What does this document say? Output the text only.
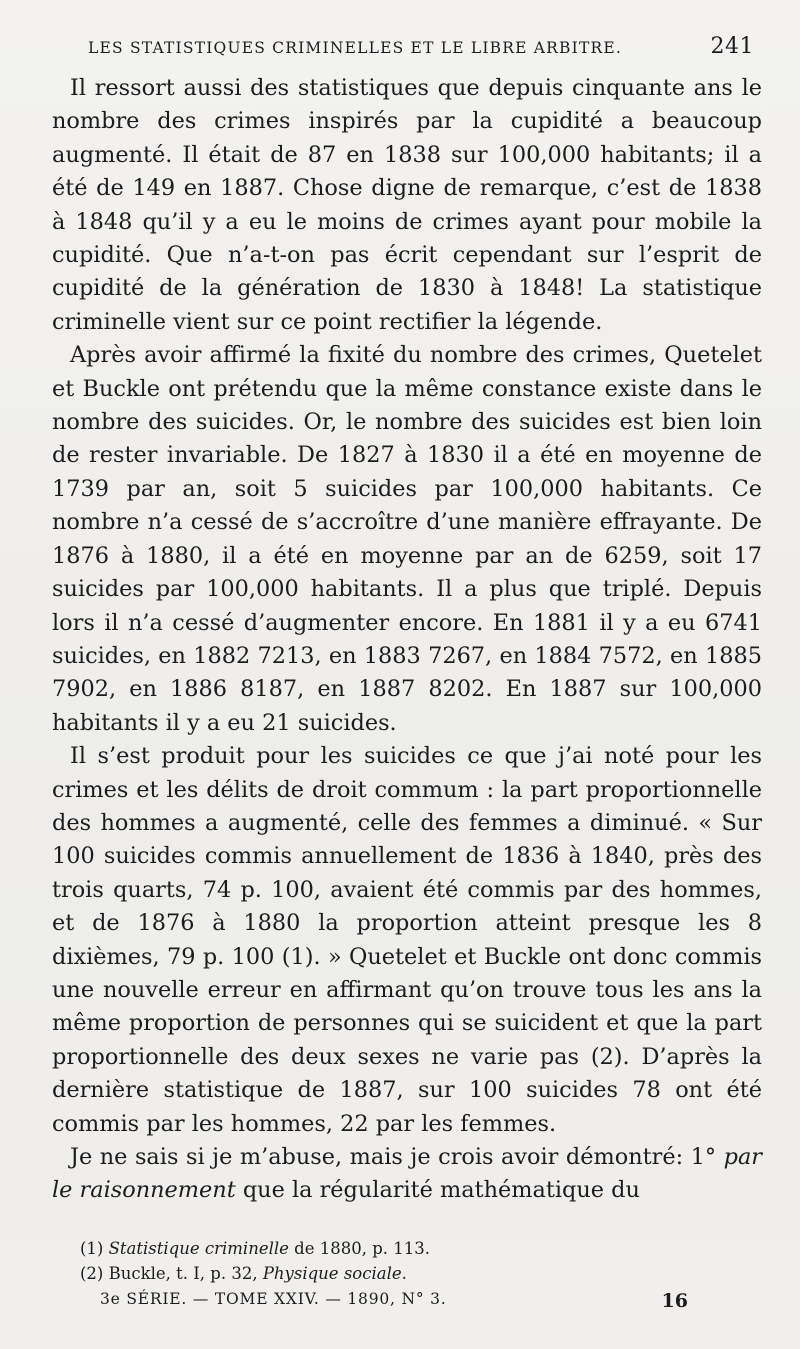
LES STATISTIQUES CRIMINELLES ET LE LIBRE ARBITRE.	241

Il ressort aussi des statistiques que depuis cinquante ans le nombre des crimes inspirés par la cupidité a beaucoup augmenté. Il était de 87 en 1838 sur 100,000 habitants; il a été de 149 en 1887. Chose digne de remarque, c’est de 1838 à 1848 qu’il y a eu le moins de crimes ayant pour mobile la cupidité. Que n’a-t-on pas écrit cependant sur l’esprit de cupidité de la génération de 1830 à 1848! La statistique criminelle vient sur ce point rectifier la légende.

Après avoir affirmé la fixité du nombre des crimes, Quetelet et Buckle ont prétendu que la même constance existe dans le nombre des suicides. Or, le nombre des suicides est bien loin de rester invariable. De 1827 à 1830 il a été en moyenne de 1739 par an, soit 5 suicides par 100,000 habitants. Ce nombre n’a cessé de s’accroître d’une manière effrayante. De 1876 à 1880, il a été en moyenne par an de 6259, soit 17 suicides par 100,000 habitants. Il a plus que triplé. Depuis lors il n’a cessé d’augmenter encore. En 1881 il y a eu 6741 suicides, en 1882 7213, en 1883 7267, en 1884 7572, en 1885 7902, en 1886 8187, en 1887 8202. En 1887 sur 100,000 habitants il y a eu 21 suicides.

Il s’est produit pour les suicides ce que j’ai noté pour les crimes et les délits de droit commum : la part proportionnelle des hommes a augmenté, celle des femmes a diminué. « Sur 100 suicides commis annuellement de 1836 à 1840, près des trois quarts, 74 p. 100, avaient été commis par des hommes, et de 1876 à 1880 la proportion atteint presque les 8 dixièmes, 79 p. 100 (1). » Quetelet et Buckle ont donc commis une nouvelle erreur en affirmant qu’on trouve tous les ans la même proportion de personnes qui se suicident et que la part proportionnelle des deux sexes ne varie pas (2). D’après la dernière statistique de 1887, sur 100 suicides 78 ont été commis par les hommes, 22 par les femmes.

Je ne sais si je m’abuse, mais je crois avoir démontré: 1° par le raisonnement que la régularité mathématique du

(1) Statistique criminelle de 1880, p. 113.
(2) Buckle, t. I, p. 32, Physique sociale.
3e SÉRIE. — TOME XXIV. — 1890, N° 3.	16
